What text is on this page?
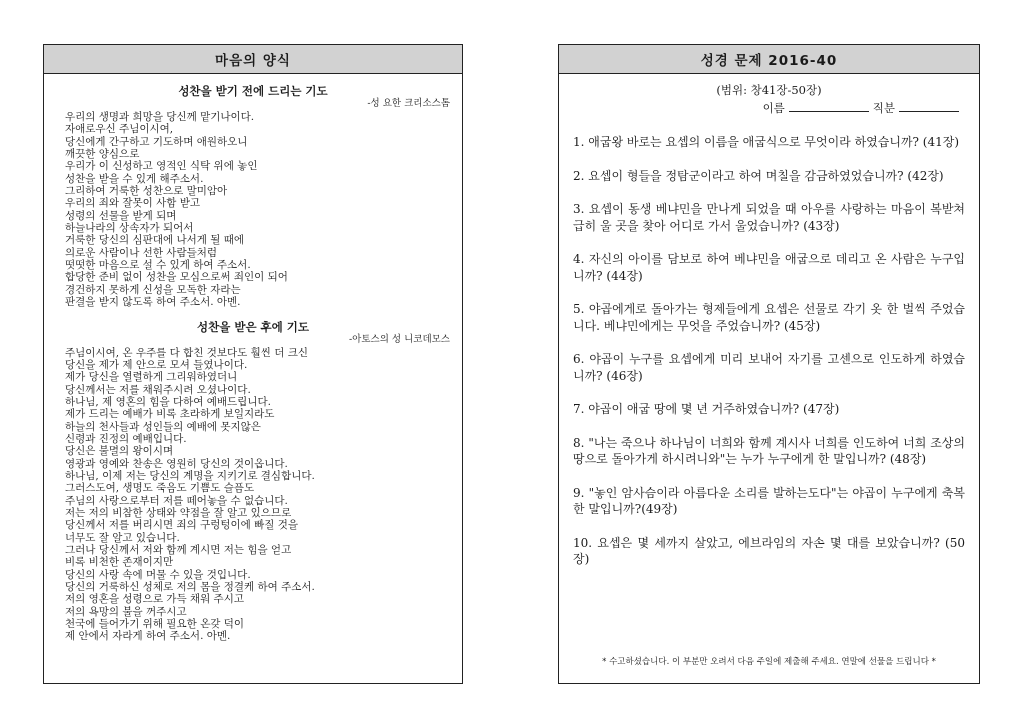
마음의 양식

성찬을 받기 전에 드리는 기도

-성 요한 크리소스톰

우리의 생명과 희망을 당신께 맡기나이다.
자애로우신 주님이시여,
당신에게 간구하고 기도하며 애원하오니
깨끗한 양심으로
우리가 이 신성하고 영적인 식탁 위에 놓인
성찬을 받을 수 있게 해주소서.
그리하여 거룩한 성찬으로 말미암아
우리의 죄와 잘못이 사함 받고
성령의 선물을 받게 되며
하늘나라의 상속자가 되어서
거룩한 당신의 심판대에 나서게 될 때에
의로운 사람이나 선한 사람들처럼
떳떳한 마음으로 설 수 있게 하여 주소서.
합당한 준비 없이 성찬을 모심으로써 죄인이 되어
경건하지 못하게 신성을 모독한 자라는
판결을 받지 않도록 하여 주소서. 아멘.

성찬을 받은 후에 기도

-아토스의 성 니코데모스

주님이시여, 온 우주를 다 합친 것보다도 훨씬 더 크신
당신을 제가 제 안으로 모셔 들였나이다.
제가 당신을 열렬하게 그리워하였더니
당신께서는 저를 채워주시려 오셨나이다.
하나님, 제 영혼의 힘을 다하여 예배드립니다.
제가 드리는 예배가 비록 초라하게 보일지라도
하늘의 천사들과 성인들의 예배에 못지않은
신령과 진정의 예배입니다.
당신은 불멸의 왕이시며
영광과 영예와 찬송은 영원히 당신의 것이옵니다.
하나님, 이제 저는 당신의 계명을 지키기로 결심합니다.
그러스도여, 생명도 죽음도 기쁨도 슬픔도
주님의 사랑으로부터 저를 떼어놓을 수 없습니다.
저는 저의 비참한 상태와 약점을 잘 알고 있으므로
당신께서 저를 버리시면 죄의 구렁텅이에 빠질 것을
너무도 잘 알고 있습니다.
그러나 당신께서 저와 함께 계시면 저는 힘을 얻고
비록 비천한 존재이지만
당신의 사랑 속에 머물 수 있을 것입니다.
당신의 거룩하신 성체로 저의 몸을 정결케 하여 주소서.
저의 영혼을 성령으로 가득 채워 주시고
저의 욕망의 불을 꺼주시고
천국에 들어가기 위해 필요한 온갖 덕이
제 안에서 자라게 하여 주소서. 아멘.
성경 문제 2016-40
(범위: 창41장-50장)
이름	직분
1. 애굽왕 바로는 요셉의 이름을 애굽식으로 무엇이라 하였습니까? (41장)
2. 요셉이 형들을 정탐군이라고 하여 며칠을 감금하였었습니까? (42장)
3. 요셉이 동생 베냐민을 만나게 되었을 때 아우를 사랑하는 마음이 복받쳐 급히 울 곳을 찾아 어디로 가서 울었습니까? (43장)
4. 자신의 아이를 담보로 하여 베냐민을 애굽으로 데리고 온 사람은 누구입니까? (44장)
5. 야곱에게로 돌아가는 형제들에게 요셉은 선물로 각기 옷 한 벌씩 주었습니다. 베냐민에게는 무엇을 주었습니까? (45장)
6. 야곱이 누구를 요셉에게 미리 보내어 자기를 고센으로 인도하게 하였습니까? (46장)
7. 야곱이 애굽 땅에 몇 년 거주하였습니까? (47장)
8. "나는 죽으나 하나님이 너희와 함께 계시사 너희를 인도하여 너희 조상의 땅으로 돌아가게 하시려니와"는 누가 누구에게 한 말입니까? (48장)
9. "놓인 암사슴이라 아름다운 소리를 발하는도다"는 야곱이 누구에게 축복한 말입니까?(49장)
10. 요셉은 몇 세까지 살았고, 에브라임의 자손 몇 대를 보았습니까? (50장)
* 수고하셨습니다. 이 부분만 오려서 다음 주일에 제출해 주세요. 연말에 선물을 드립니다 *
